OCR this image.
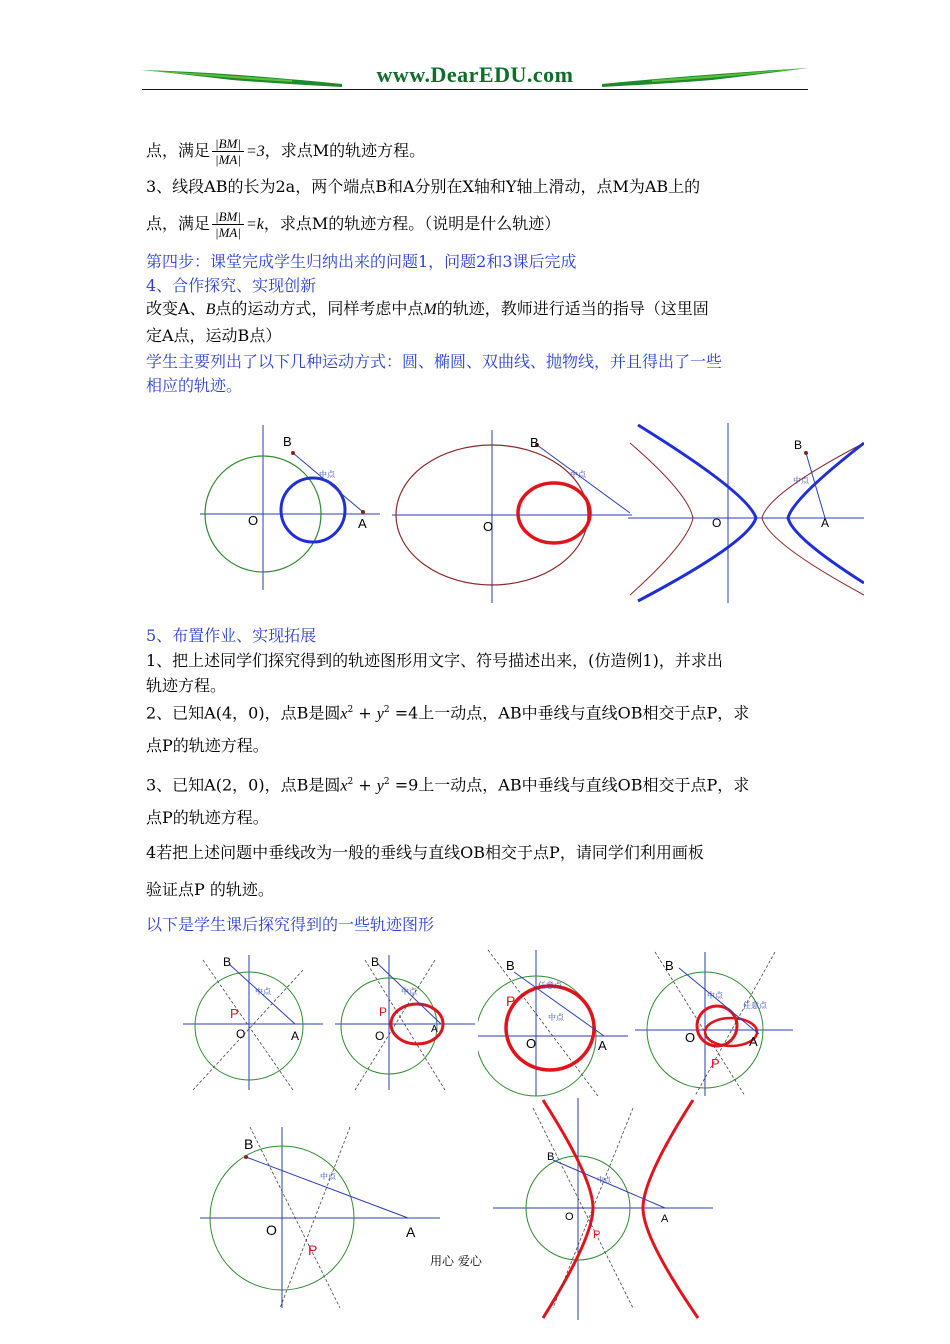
www.DearEDU.com
点，满足 $\frac{|BM|}{|MA|} =3$，求点M的轨迹方程。
3、线段AB的长为2a，两个端点B和A分别在X轴和Y轴上滑动，点M为AB上的
点，满足 $\frac{|BM|}{|MA|} =k$，求点M的轨迹方程。（说明是什么轨迹）
第四步：课堂完成学生归纳出来的问题1，问题2和3课后完成
4、合作探究、实现创新
改变A、B点的运动方式，同样考虑中点M的轨迹，教师进行适当的指导（这里固
定A点，运动B点）
学生主要列出了以下几种运动方式：圆、椭圆、双曲线、抛物线，并且得出了一些
相应的轨迹。
B
A
O
中点
B
O
中点
B
A
O
中点
5、布置作业、实现拓展
1、把上述同学们探究得到的轨迹图形用文字、符号描述出来，(仿造例1)，并求出
轨迹方程。
2、已知A(4，0)，点B是圆$x^2 + y^2 =4$上一动点，AB中垂线与直线OB相交于点P，求
点P的轨迹方程。
3、已知A(2，0)，点B是圆$x^2 + y^2 =9$上一动点，AB中垂线与直线OB相交于点P，求
点P的轨迹方程。
4若把上述问题中垂线改为一般的垂线与直线OB相交于点P，请同学们利用画板
验证点P 的轨迹。
以下是学生课后探究得到的一些轨迹图形
B
A
O
P
中点
B
A
O
P
中点
B
A
O
P
任意点
中点
B
A
O
P
中点
任意点
B
A
O
P
中点
用心 爱心
B
A
O
P
中点
